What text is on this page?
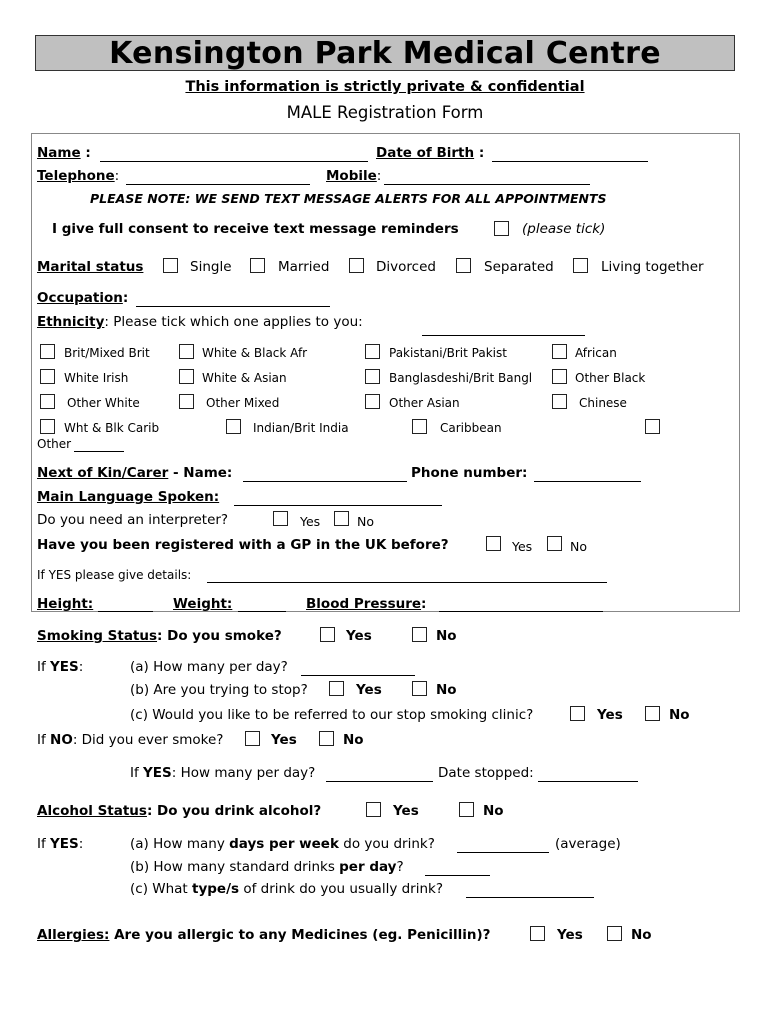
Kensington Park Medical Centre
This information is strictly private & confidential
MALE Registration Form
Name :	Date of Birth :
Telephone:	Mobile:
PLEASE NOTE: WE SEND TEXT MESSAGE ALERTS FOR ALL APPOINTMENTS
I give full consent to receive text message reminders	(please tick)
Marital status	Single	Married	Divorced	Separated	Living together
Occupation:
Ethnicity: Please tick which one applies to you:
Brit/Mixed Brit	White & Black Afr	Pakistani/Brit Pakist	African
White Irish	White & Asian	Banglasdeshi/Brit Bangl	Other Black
Other White	Other Mixed	Other Asian	Chinese
Wht & Blk Carib	Indian/Brit India	Caribbean
Other
Next of Kin/Carer - Name:	Phone number:
Main Language Spoken:
Do you need an interpreter?	Yes	No
Have you been registered with a GP in the UK before?	Yes	No
If YES please give details:
Height:	Weight:	Blood Pressure:
Smoking Status: Do you smoke?	Yes	No
If YES:	(a) How many per day?
(b) Are you trying to stop?	Yes	No
(c) Would you like to be referred to our stop smoking clinic?	Yes	No
If NO: Did you ever smoke?	Yes	No
If YES: How many per day?	Date stopped:
Alcohol Status: Do you drink alcohol?	Yes	No
If YES:	(a) How many days per week do you drink?	(average)
(b) How many standard drinks per day?
(c) What type/s of drink do you usually drink?
Allergies: Are you allergic to any Medicines (eg. Penicillin)?	Yes	No
